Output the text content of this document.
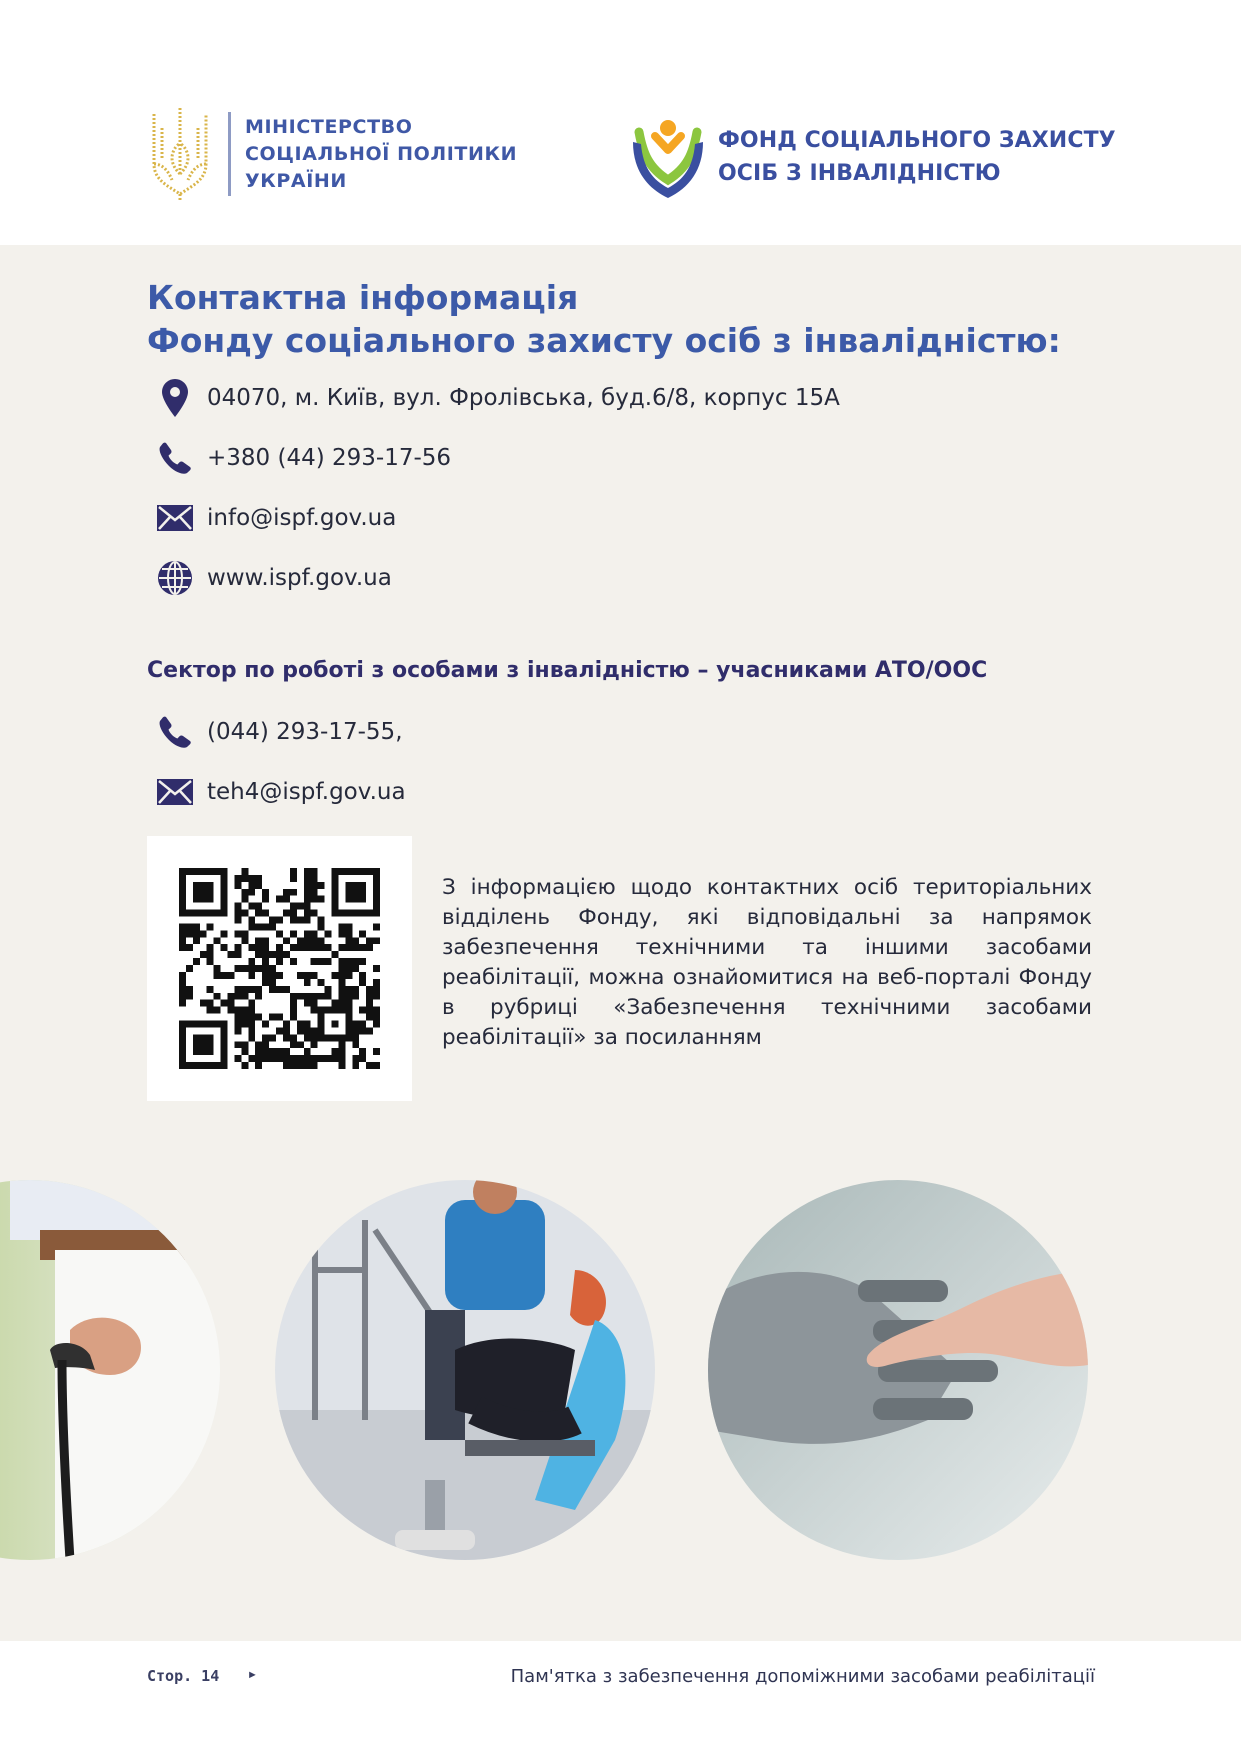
МІНІСТЕРСТВО
СОЦІАЛЬНОЇ ПОЛІТИКИ
УКРАЇНИ
ФОНД СОЦІАЛЬНОГО ЗАХИСТУ
ОСІБ З ІНВАЛІДНІСТЮ
Контактна інформація
Фонду соціального захисту осіб з інвалідністю:
04070, м. Київ, вул. Фролівська, буд.6/8, корпус 15А
+380 (44) 293-17-56
info@ispf.gov.ua
www.ispf.gov.ua
Сектор по роботі з особами з інвалідністю – учасниками АТО/ООС
(044) 293-17-55,
teh4@ispf.gov.ua
З інформацією щодо контактних осіб територіальних відділень Фонду, які відповідальні за напрямок забезпечення технічними та іншими засобами реабілітації, можна ознайомитися на веб-порталі Фонду в рубриці «Забезпечення технічними засобами реабілітації» за посиланням
Стор. 14	►	Пам'ятка з забезпечення допоміжними засобами реабілітації
